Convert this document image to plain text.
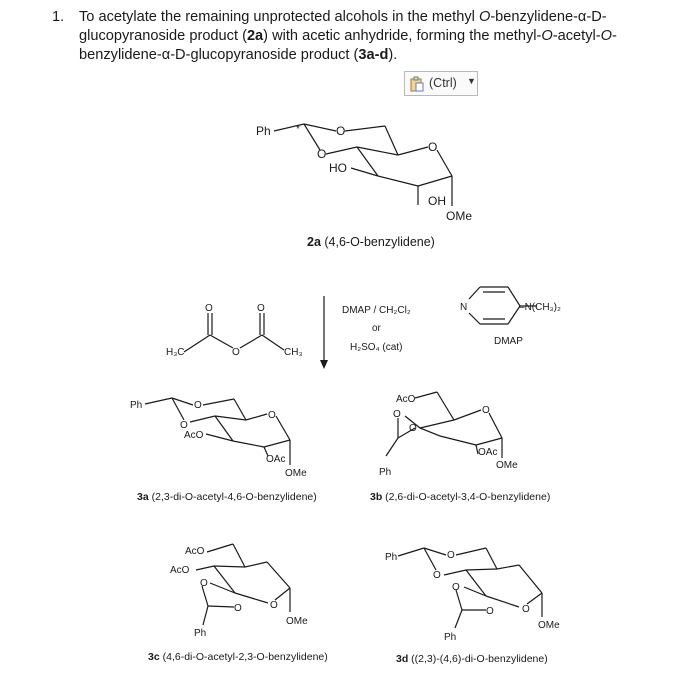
1. To acetylate the remaining unprotected alcohols in the methyl O-benzylidene-α-D-glucopyranoside product (2a) with acetic anhydride, forming the methyl-O-acetyl-O-benzylidene-α-D-glucopyranoside product (3a-d).
(Ctrl) ▼
Ph	*	O
O	O
HO
OH
OMe
2a (4,6-O-benzylidene)
O	O
O
H₃C	CH₃
DMAP / CH₂Cl₂
or
H₂SO₄ (cat)
N	–N(CH₃)₂
DMAP
Ph	O
O
O
AcO
OAc
OMe
3a (2,3-di-O-acetyl-4,6-O-benzylidene)
AcO
O
O
O
OAc
OMe
Ph
3b (2,6-di-O-acetyl-3,4-O-benzylidene)
AcO
AcO
O
O	O
OMe
Ph
3c (4,6-di-O-acetyl-2,3-O-benzylidene)
Ph	O
O
O
O	O
OMe
Ph
3d ((2,3)-(4,6)-di-O-benzylidene)
